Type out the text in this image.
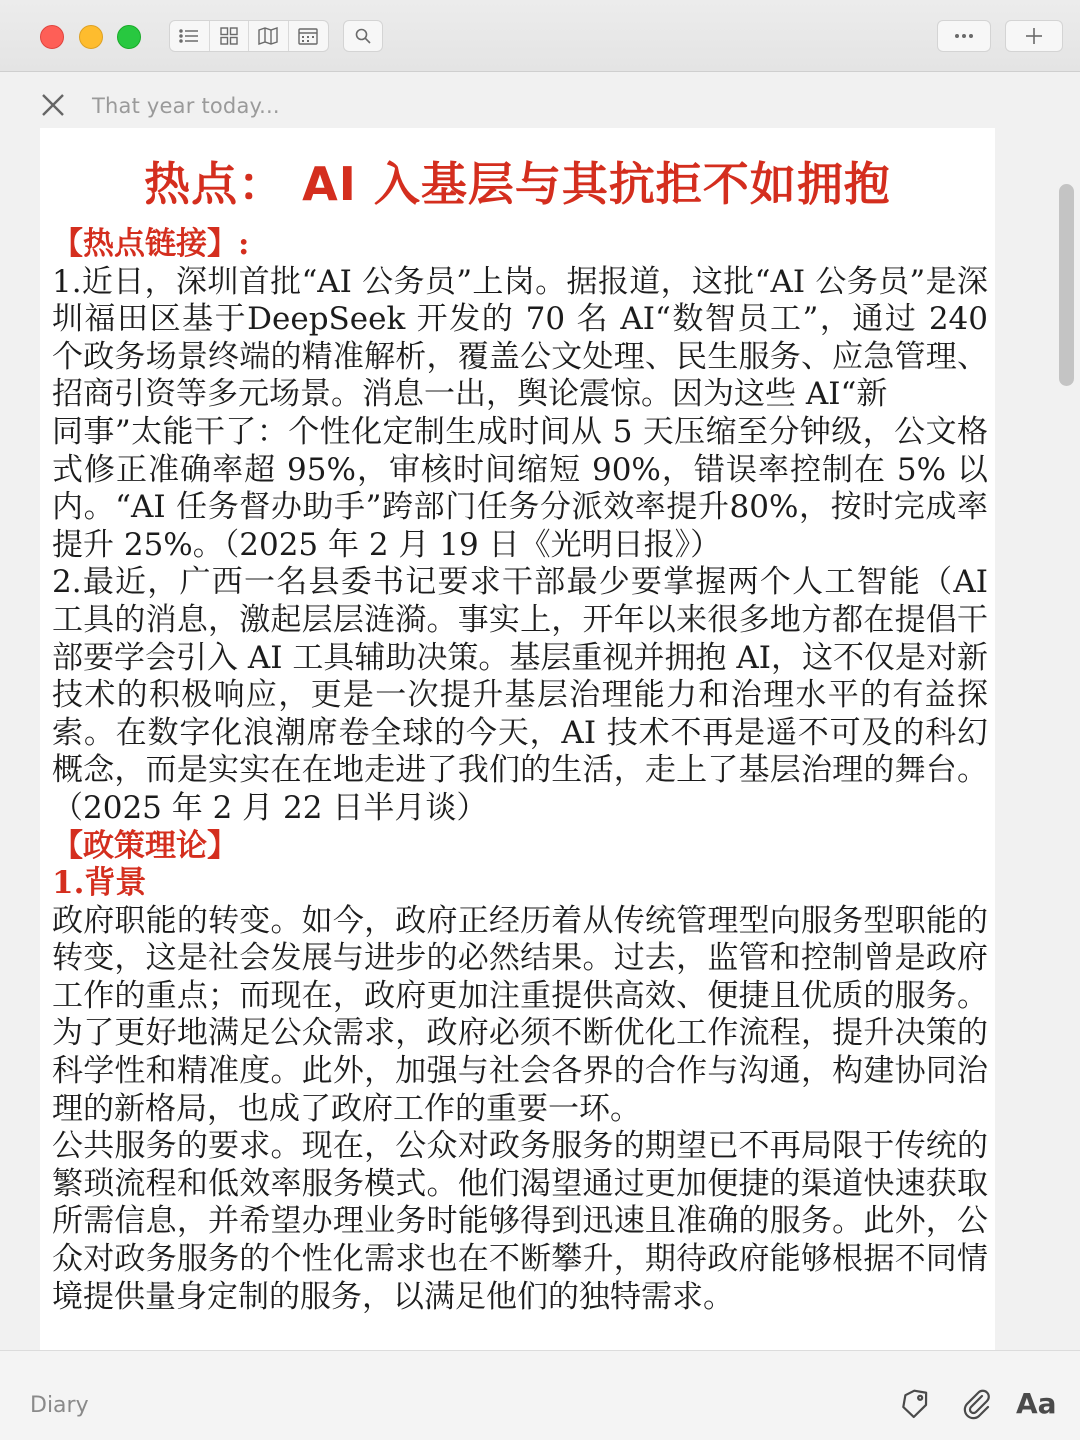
That year today...
热点： AI 入基层与其抗拒不如拥抱

【热点链接】:

1.近日，深圳首批“AI 公务员”上岗。据报道，这批“AI 公务员”是深圳福田区基于DeepSeek 开发的 70 名 AI“数智员工”，通过 240 个政务场景终端的精准解析，覆盖公文处理、民生服务、应急管理、招商引资等多元场景。消息一出，舆论震惊。因为这些 AI“新

同事”太能干了：个性化定制生成时间从 5 天压缩至分钟级，公文格式修正准确率超 95%，审核时间缩短 90%，错误率控制在 5% 以内。“AI 任务督办助手”跨部门任务分派效率提升80%，按时完成率提升 25%。（2025 年 2 月 19 日《光明日报》）

2.最近，广西一名县委书记要求干部最少要掌握两个人工智能（AI 工具的消息，激起层层涟漪。事实上，开年以来很多地方都在提倡干部要学会引入 AI 工具辅助决策。基层重视并拥抱 AI，这不仅是对新技术的积极响应，更是一次提升基层治理能力和治理水平的有益探索。在数字化浪潮席卷全球的今天，AI 技术不再是遥不可及的科幻概念，而是实实在在地走进了我们的生活，走上了基层治理的舞台。（2025 年 2 月 22 日半月谈）

【政策理论】

1.背景

政府职能的转变。如今，政府正经历着从传统管理型向服务型职能的转变，这是社会发展与进步的必然结果。过去，监管和控制曾是政府工作的重点；而现在，政府更加注重提供高效、便捷且优质的服务。为了更好地满足公众需求，政府必须不断优化工作流程，提升决策的科学性和精准度。此外，加强与社会各界的合作与沟通，构建协同治理的新格局，也成了政府工作的重要一环。

公共服务的要求。现在，公众对政务服务的期望已不再局限于传统的繁琐流程和低效率服务模式。他们渴望通过更加便捷的渠道快速获取所需信息，并希望办理业务时能够得到迅速且准确的服务。此外，公众对政务服务的个性化需求也在不断攀升，期待政府能够根据不同情境提供量身定制的服务，以满足他们的独特需求。

Diary	Aa
